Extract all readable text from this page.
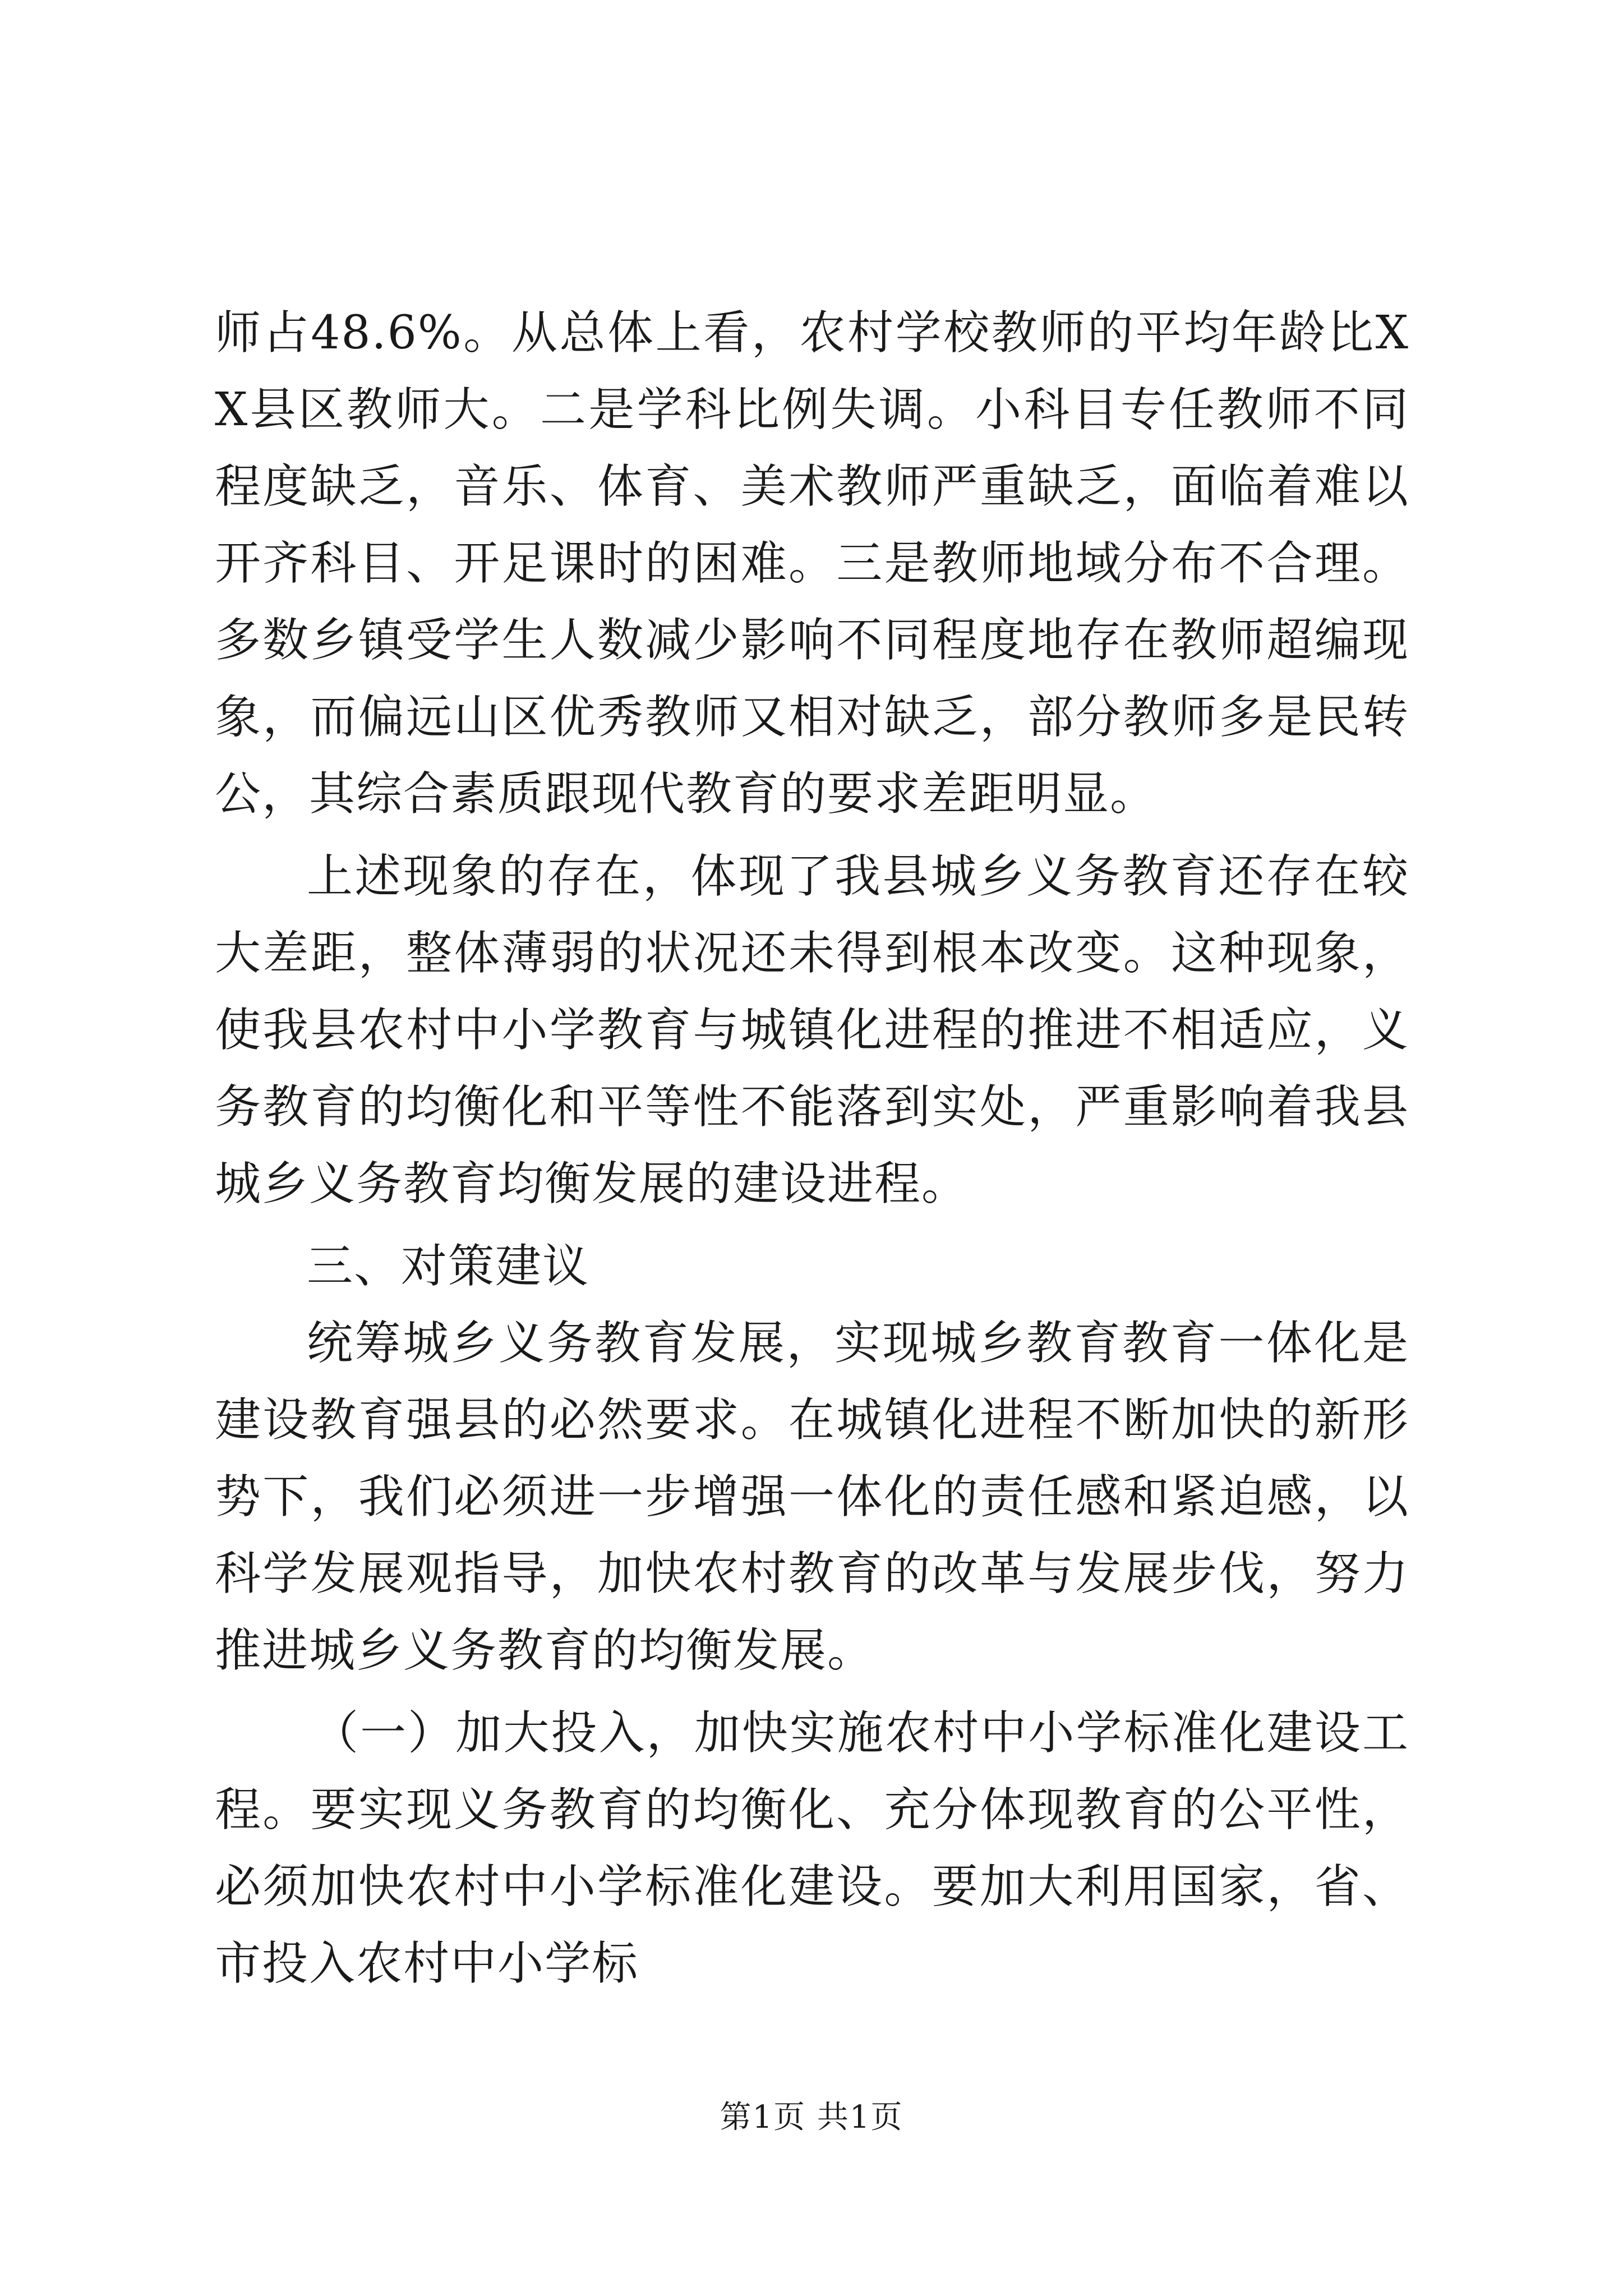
师占48.6%。从总体上看，农村学校教师的平均年龄比XX县区教师大。二是学科比例失调。小科目专任教师不同程度缺乏，音乐、体育、美术教师严重缺乏，面临着难以开齐科目、开足课时的困难。三是教师地域分布不合理。多数乡镇受学生人数减少影响不同程度地存在教师超编现象，而偏远山区优秀教师又相对缺乏，部分教师多是民转公，其综合素质跟现代教育的要求差距明显。

上述现象的存在，体现了我县城乡义务教育还存在较大差距，整体薄弱的状况还未得到根本改变。这种现象，使我县农村中小学教育与城镇化进程的推进不相适应，义务教育的均衡化和平等性不能落到实处，严重影响着我县城乡义务教育均衡发展的建设进程。

三、对策建议

统筹城乡义务教育发展，实现城乡教育教育一体化是建设教育强县的必然要求。在城镇化进程不断加快的新形势下，我们必须进一步增强一体化的责任感和紧迫感，以科学发展观指导，加快农村教育的改革与发展步伐，努力推进城乡义务教育的均衡发展。

（一）加大投入，加快实施农村中小学标准化建设工程。要实现义务教育的均衡化、充分体现教育的公平性，必须加快农村中小学标准化建设。要加大利用国家，省、市投入农村中小学标

第1页 共1页
